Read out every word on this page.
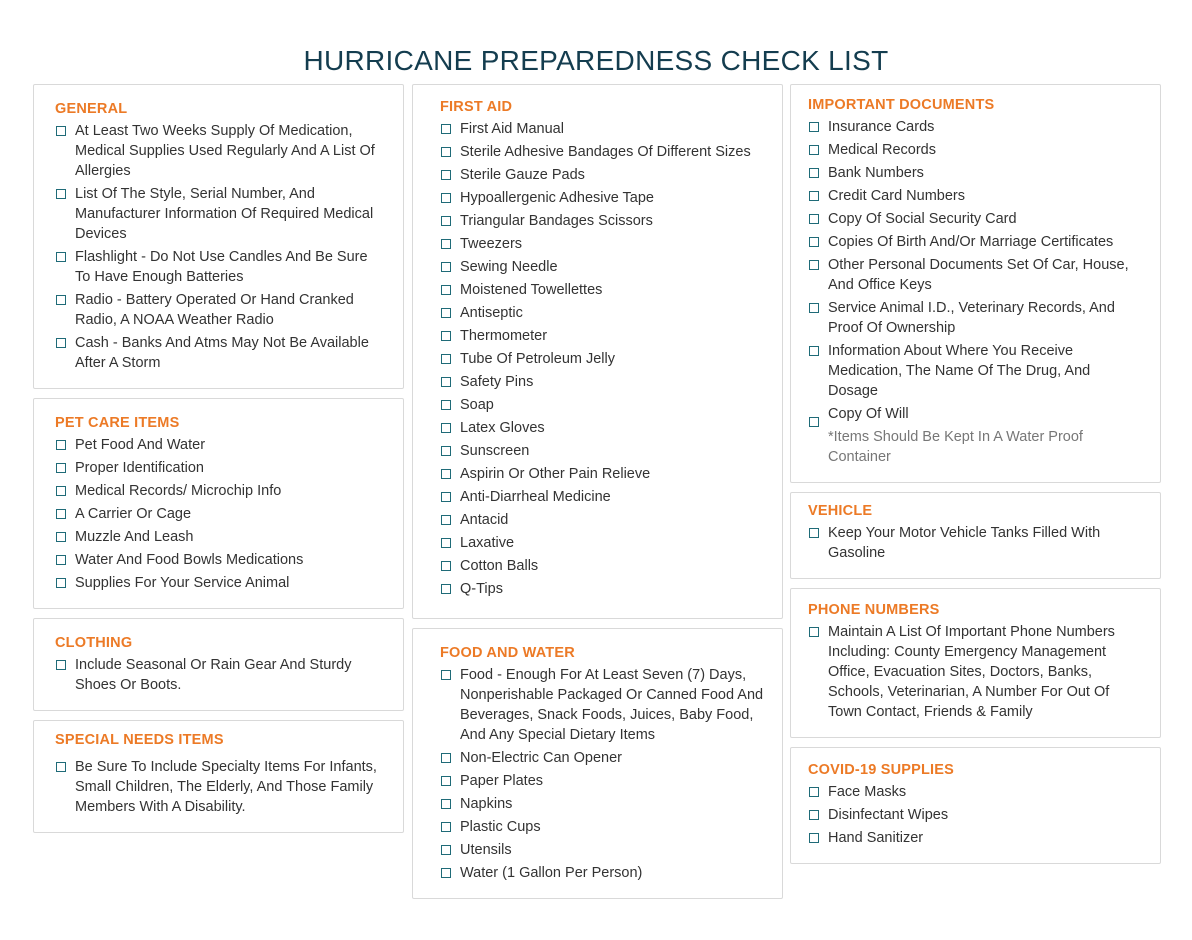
HURRICANE PREPAREDNESS CHECK LIST
GENERAL
At Least Two Weeks Supply Of Medication, Medical Supplies Used Regularly And A List Of Allergies
List Of The Style, Serial Number, And Manufacturer Information Of Required Medical Devices
Flashlight - Do Not Use Candles And Be Sure To Have Enough Batteries
Radio - Battery Operated Or Hand Cranked Radio, A NOAA Weather Radio
Cash - Banks And Atms May Not Be Available After A Storm
PET CARE ITEMS
Pet Food And Water
Proper Identification
Medical Records/ Microchip Info
A Carrier Or Cage
Muzzle And Leash
Water And Food Bowls Medications
Supplies For Your Service Animal
CLOTHING
Include Seasonal Or Rain Gear And Sturdy Shoes Or Boots.
SPECIAL NEEDS ITEMS
Be Sure To Include Specialty Items For Infants, Small Children, The Elderly, And Those Family Members With A Disability.
FIRST AID
First Aid Manual
Sterile Adhesive Bandages Of Different Sizes
Sterile Gauze Pads
Hypoallergenic Adhesive Tape
Triangular Bandages Scissors
Tweezers
Sewing Needle
Moistened Towellettes
Antiseptic
Thermometer
Tube Of Petroleum Jelly
Safety Pins
Soap
Latex Gloves
Sunscreen
Aspirin Or Other Pain Relieve
Anti-Diarrheal Medicine
Antacid
Laxative
Cotton Balls
Q-Tips
FOOD AND WATER
Food - Enough For At Least Seven (7) Days, Nonperishable Packaged Or Canned Food And Beverages, Snack Foods, Juices, Baby Food, And Any Special Dietary Items
Non-Electric Can Opener
Paper Plates
Napkins
Plastic Cups
Utensils
Water (1 Gallon Per Person)
IMPORTANT DOCUMENTS
Insurance Cards
Medical Records
Bank Numbers
Credit Card Numbers
Copy Of Social Security Card
Copies Of Birth And/Or Marriage Certificates
Other Personal Documents Set Of Car, House, And Office Keys
Service Animal I.D., Veterinary Records, And Proof Of Ownership
Information About Where You Receive Medication, The Name Of The Drug, And Dosage
Copy Of Will
*Items Should Be Kept In A Water Proof Container
VEHICLE
Keep Your Motor Vehicle Tanks Filled With Gasoline
PHONE NUMBERS
Maintain A List Of Important Phone Numbers Including: County Emergency Management Office, Evacuation Sites, Doctors, Banks, Schools, Veterinarian, A Number For Out Of Town Contact, Friends & Family
COVID-19 SUPPLIES
Face Masks
Disinfectant Wipes
Hand Sanitizer
